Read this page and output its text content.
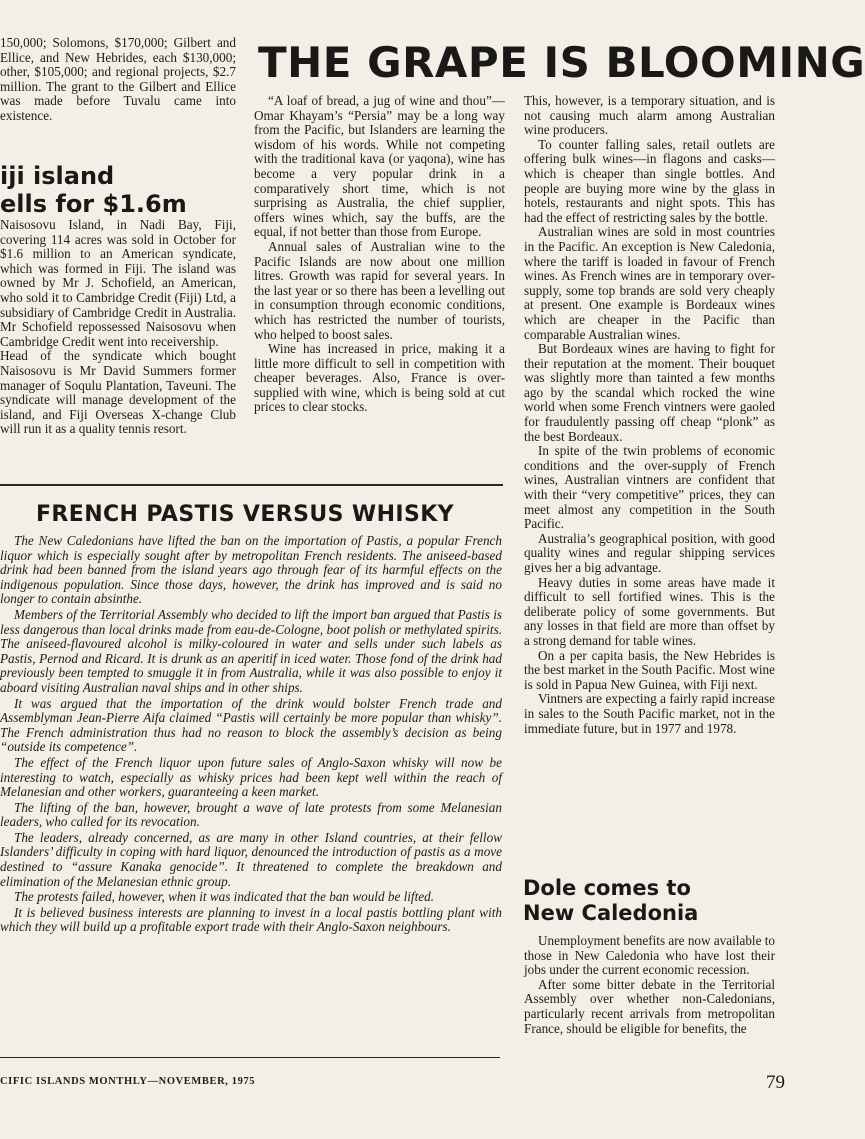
150,000; Solomons, $170,000; Gilbert and Ellice, and New Hebrides, each $130,000; other, $105,000; and regional projects, $2.7 million. The grant to the Gilbert and Ellice was made before Tuvalu came into existence.

iji island
ells for $1.6m

Naisosovu Island, in Nadi Bay, Fiji, covering 114 acres was sold in October for $1.6 million to an American syndicate, which was formed in Fiji. The island was owned by Mr J. Schofield, an American, who sold it to Cambridge Credit (Fiji) Ltd, a subsidiary of Cambridge Credit in Australia. Mr Schofield repossessed Naisosovu when Cambridge Credit went into receivership.

Head of the syndicate which bought Naisosovu is Mr David Summers former manager of Soqulu Plantation, Taveuni. The syndicate will manage development of the island, and Fiji Overseas X-change Club will run it as a quality tennis resort.

THE GRAPE IS BLOOMING

“A loaf of bread, a jug of wine and thou”—Omar Khayam’s “Persia” may be a long way from the Pacific, but Islanders are learning the wisdom of his words. While not competing with the traditional kava (or yaqona), wine has become a very popular drink in a comparatively short time, which is not surprising as Australia, the chief supplier, offers wines which, say the buffs, are the equal, if not better than those from Europe.

Annual sales of Australian wine to the Pacific Islands are now about one million litres. Growth was rapid for several years. In the last year or so there has been a levelling out in consumption through economic conditions, which has restricted the number of tourists, who helped to boost sales.

Wine has increased in price, making it a little more difficult to sell in competition with cheaper beverages. Also, France is over-supplied with wine, which is being sold at cut prices to clear stocks.

This, however, is a temporary situation, and is not causing much alarm among Australian wine producers.

To counter falling sales, retail outlets are offering bulk wines—in flagons and casks—which is cheaper than single bottles. And people are buying more wine by the glass in hotels, restaurants and night spots. This has had the effect of restricting sales by the bottle.

Australian wines are sold in most countries in the Pacific. An exception is New Caledonia, where the tariff is loaded in favour of French wines. As French wines are in temporary over-supply, some top brands are sold very cheaply at present. One example is Bordeaux wines which are cheaper in the Pacific than comparable Australian wines.

But Bordeaux wines are having to fight for their reputation at the moment. Their bouquet was slightly more than tainted a few months ago by the scandal which rocked the wine world when some French vintners were gaoled for fraudulently passing off cheap “plonk” as the best Bordeaux.

In spite of the twin problems of economic conditions and the over-supply of French wines, Australian vintners are confident that with their “very competitive” prices, they can meet almost any competition in the South Pacific.

Australia’s geographical position, with good quality wines and regular shipping services gives her a big advantage.

Heavy duties in some areas have made it difficult to sell fortified wines. This is the deliberate policy of some governments. But any losses in that field are more than offset by a strong demand for table wines.

On a per capita basis, the New Hebrides is the best market in the South Pacific. Most wine is sold in Papua New Guinea, with Fiji next.

Vintners are expecting a fairly rapid increase in sales to the South Pacific market, not in the immediate future, but in 1977 and 1978.

FRENCH PASTIS VERSUS WHISKY

The New Caledonians have lifted the ban on the importation of Pastis, a popular French liquor which is especially sought after by metropolitan French residents. The aniseed-based drink had been banned from the island years ago through fear of its harmful effects on the indigenous population. Since those days, however, the drink has improved and is said no longer to contain absinthe.

Members of the Territorial Assembly who decided to lift the import ban argued that Pastis is less dangerous than local drinks made from eau-de-Cologne, boot polish or methylated spirits. The aniseed-flavoured alcohol is milky-coloured in water and sells under such labels as Pastis, Pernod and Ricard. It is drunk as an aperitif in iced water. Those fond of the drink had previously been tempted to smuggle it in from Australia, while it was also possible to enjoy it aboard visiting Australian naval ships and in other ships.

It was argued that the importation of the drink would bolster French trade and Assemblyman Jean-Pierre Aifa claimed “Pastis will certainly be more popular than whisky”. The French administration thus had no reason to block the assembly’s decision as being “outside its competence”.

The effect of the French liquor upon future sales of Anglo-Saxon whisky will now be interesting to watch, especially as whisky prices had been kept well within the reach of Melanesian and other workers, guaranteeing a keen market.

The lifting of the ban, however, brought a wave of late protests from some Melanesian leaders, who called for its revocation.

The leaders, already concerned, as are many in other Island countries, at their fellow Islanders’ difficulty in coping with hard liquor, denounced the introduction of pastis as a move destined to “assure Kanaka genocide”. It threatened to complete the breakdown and elimination of the Melanesian ethnic group.

The protests failed, however, when it was indicated that the ban would be lifted.

It is believed business interests are planning to invest in a local pastis bottling plant with which they will build up a profitable export trade with their Anglo-Saxon neighbours.

Dole comes to
New Caledonia

Unemployment benefits are now available to those in New Caledonia who have lost their jobs under the current economic recession.

After some bitter debate in the Territorial Assembly over whether non-Caledonians, particularly recent arrivals from metropolitan France, should be eligible for benefits, the

CIFIC ISLANDS MONTHLY—NOVEMBER, 1975	79
